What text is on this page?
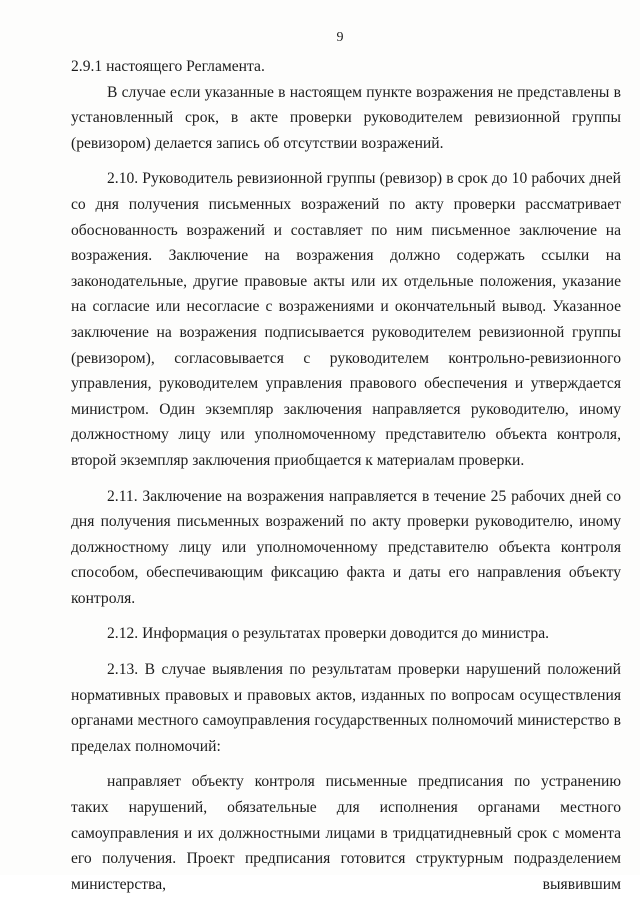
9

2.9.1 настоящего Регламента.

В случае если указанные в настоящем пункте возражения не представлены в установленный срок, в акте проверки руководителем ревизионной группы (ревизором) делается запись об отсутствии возражений.

2.10. Руководитель ревизионной группы (ревизор) в срок до 10 рабочих дней со дня получения письменных возражений по акту проверки рассматривает обоснованность возражений и составляет по ним письменное заключение на возражения. Заключение на возражения должно содержать ссылки на законодательные, другие правовые акты или их отдельные положения, указание на согласие или несогласие с возражениями и окончательный вывод. Указанное заключение на возражения подписывается руководителем ревизионной группы (ревизором), согласовывается с руководителем контрольно-ревизионного управления, руководителем управления правового обеспечения и утверждается министром. Один экземпляр заключения направляется руководителю, иному должностному лицу или уполномоченному представителю объекта контроля, второй экземпляр заключения приобщается к материалам проверки.

2.11. Заключение на возражения направляется в течение 25 рабочих дней со дня получения письменных возражений по акту проверки руководителю, иному должностному лицу или уполномоченному представителю объекта контроля способом, обеспечивающим фиксацию факта и даты его направления объекту контроля.

2.12. Информация о результатах проверки доводится до министра.

2.13. В случае выявления по результатам проверки нарушений положений нормативных правовых и правовых актов, изданных по вопросам осуществления органами местного самоуправления государственных полномочий министерство в пределах полномочий:

направляет объекту контроля письменные предписания по устранению таких нарушений, обязательные для исполнения органами местного самоуправления и их должностными лицами в тридцатидневный срок с момента его получения. Проект предписания готовится структурным подразделением министерства, выявившим
